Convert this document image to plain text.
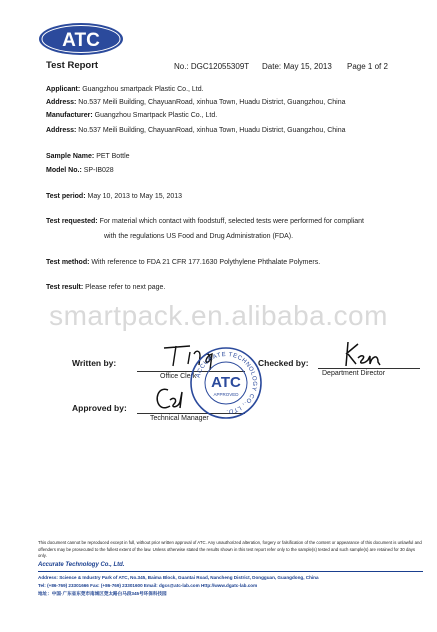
ATC
Test Report	No.: DGC12055309T Date: May 15, 2013 Page 1 of 2
Applicant: Guangzhou smartpack Plastic Co., Ltd.
Address: No.537 Meili Building, ChayuanRoad, xinhua Town, Huadu District, Guangzhou, China
Manufacturer: Guangzhou Smartpack Plastic Co., Ltd.
Address: No.537 Meili Building, ChayuanRoad, xinhua Town, Huadu District, Guangzhou, China
Sample Name: PET Bottle
Model No.: SP-IB028
Test period: May 10, 2013 to May 15, 2013
Test requested: For material which contact with foodstuff, selected tests were performed for compliant
with the regulations US Food and Drug Administration (FDA).
Test method: With reference to FDA 21 CFR 177.1630 Polythylene Phthalate Polymers.
Test result: Please refer to next page.
smartpack.en.alibaba.com
Written by:
Office Clerk
Checked by:
Department Director
Approved by:
Technical Manager
ACCURATE TECHNOLOGY CO., LTD.
ATC
APPROVED
This document cannot be reproduced except in full, without prior written approval of ATC. Any unauthorized alteration, forgery or falsification of the content or appearance of this document is unlawful and offenders may be prosecuted to the fullest extent of the law. Unless otherwise stated the results shown in this test report refer only to the sample(s) tested and such sample(s) are retained for 30 days only.
Accurate Technology Co., Ltd.
Address: Science & Industry Park of ATC, No.345, Baima Block, Guantai Road, Nancheng District, Dongguan, Guangdong, China
Tel: (+86-769) 23301666 Fax: (+86-769) 23301600 Email: dgcs@atc-lab.com Http://www.dgatc-lab.com
地址：中国·广东省东莞市南城区莞太路白马段345号环保科技园
